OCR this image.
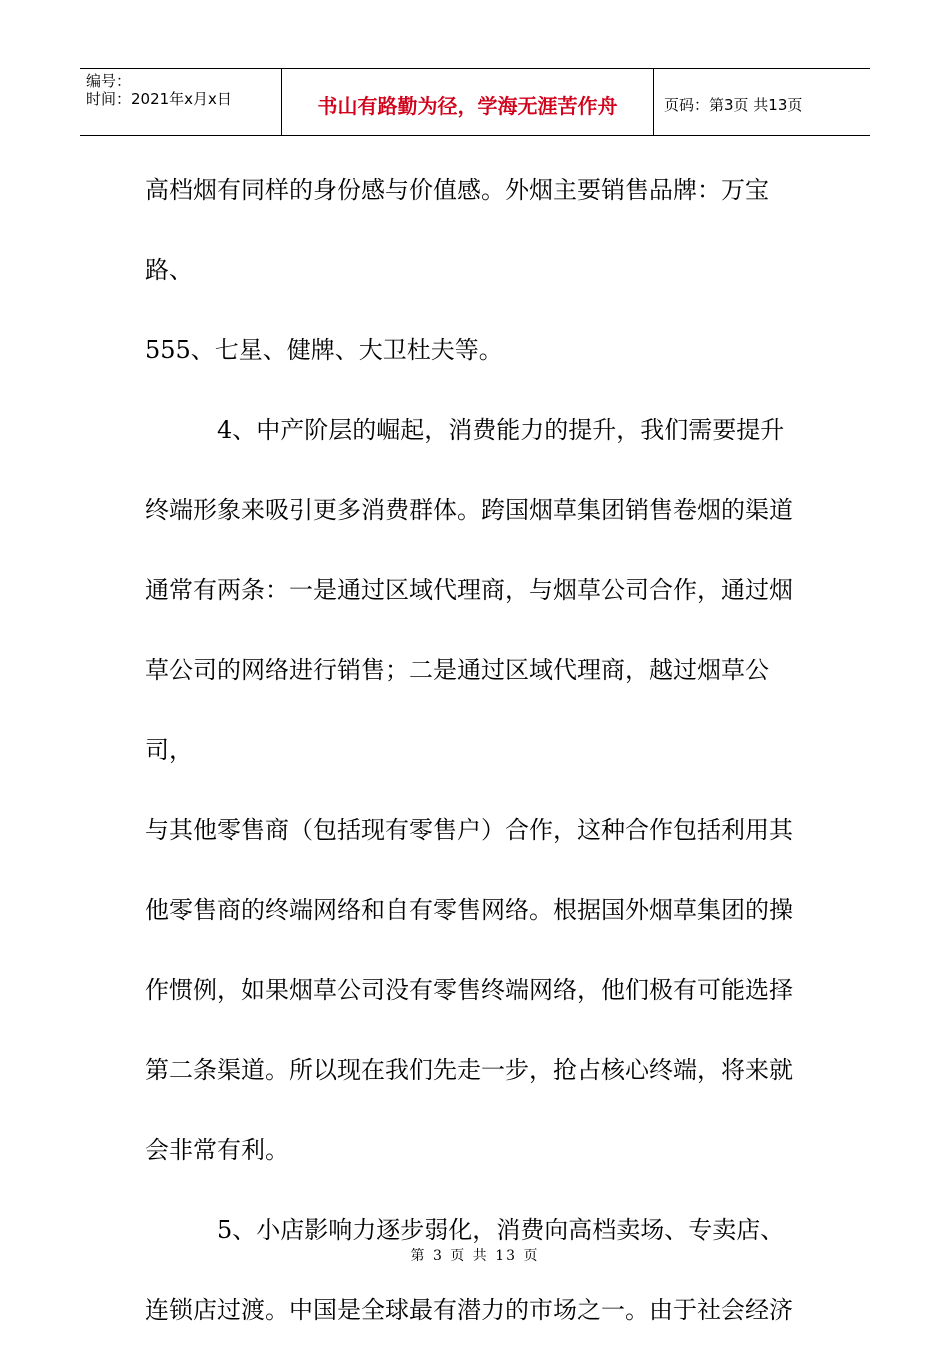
编号：
时间：2021年x月x日	书山有路勤为径，学海无涯苦作舟	页码：第3页 共13页

高档烟有同样的身份感与价值感。外烟主要销售品牌：万宝路、

555、七星、健牌、大卫杜夫等。

4、中产阶层的崛起，消费能力的提升，我们需要提升

终端形象来吸引更多消费群体。跨国烟草集团销售卷烟的渠道

通常有两条：一是通过区域代理商，与烟草公司合作，通过烟

草公司的网络进行销售；二是通过区域代理商，越过烟草公司，

与其他零售商（包括现有零售户）合作，这种合作包括利用其

他零售商的终端网络和自有零售网络。根据国外烟草集团的操

作惯例，如果烟草公司没有零售终端网络，他们极有可能选择

第二条渠道。所以现在我们先走一步，抢占核心终端，将来就

会非常有利。

5、小店影响力逐步弱化，消费向高档卖场、专卖店、

连锁店过渡。中国是全球最有潜力的市场之一。由于社会经济

第 3 页 共 13 页
